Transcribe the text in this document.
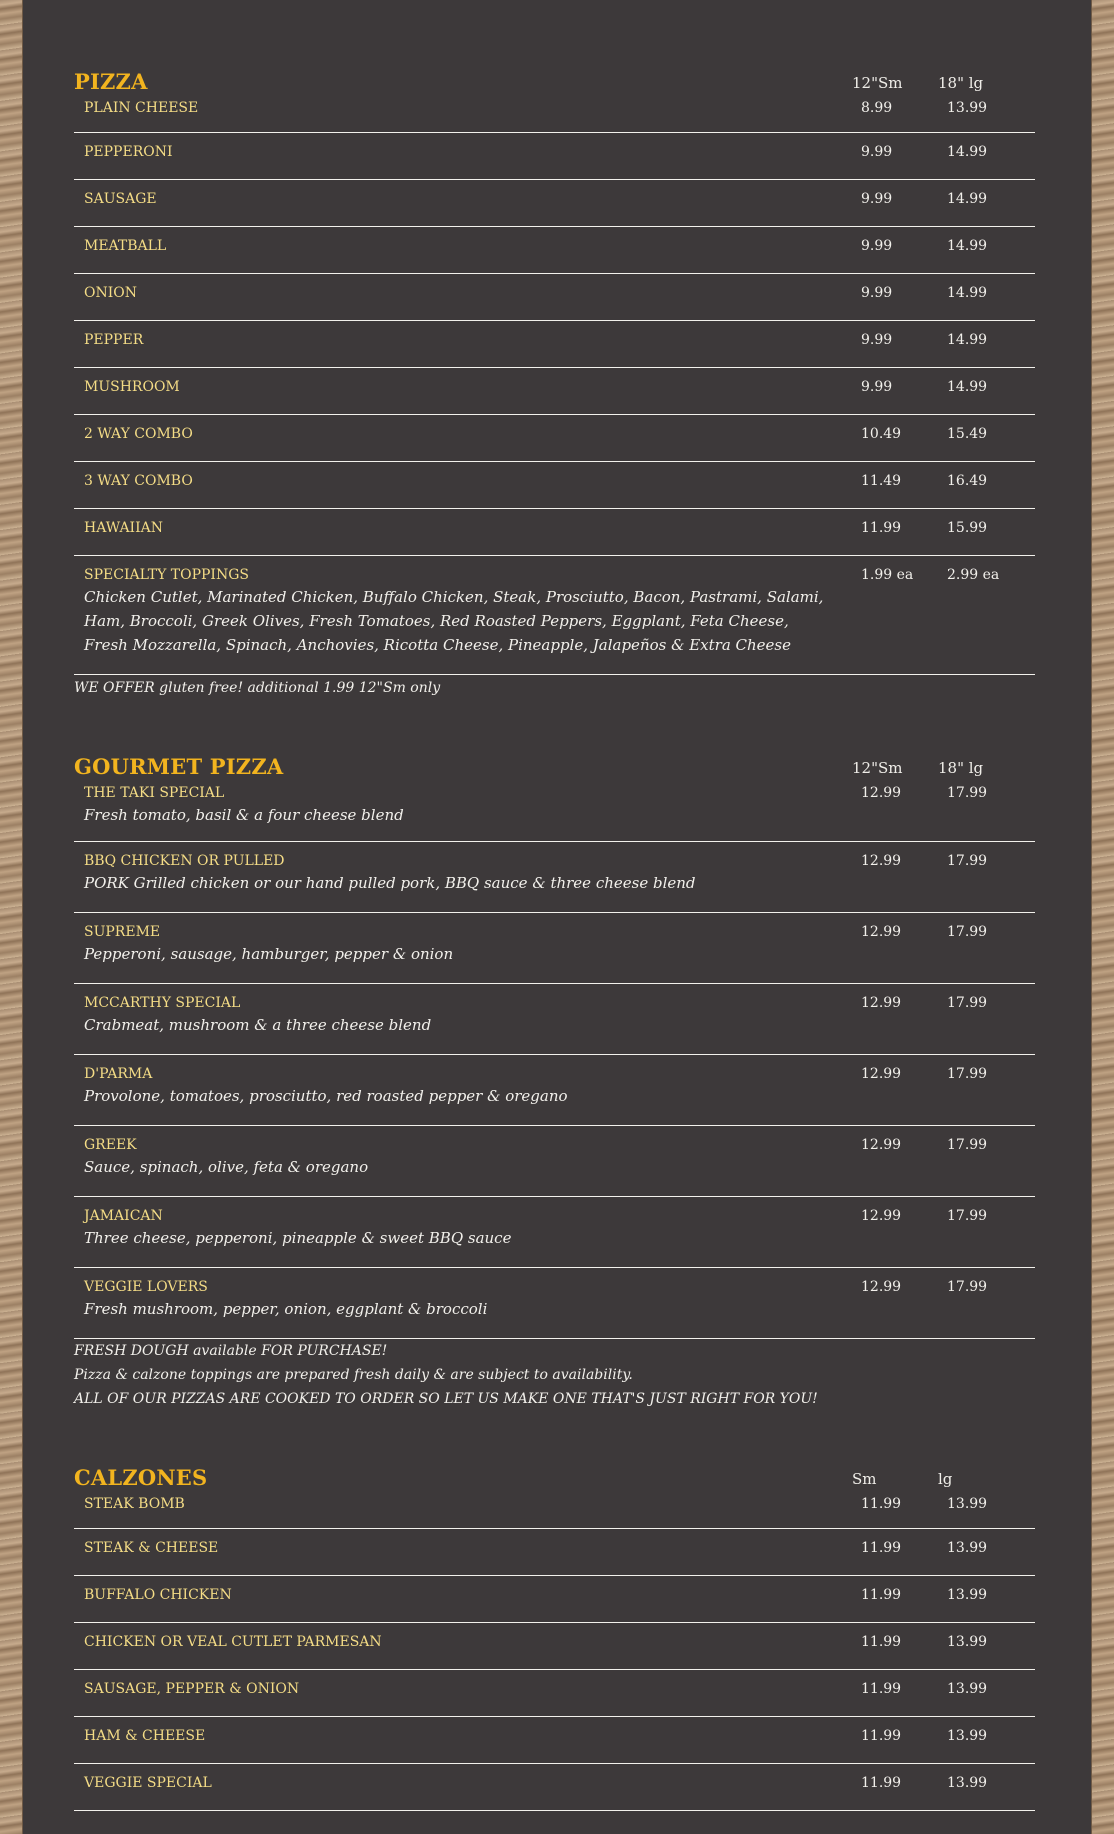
PIZZA	12"Sm 18" lg
PLAIN CHEESE	8.99	13.99
PEPPERONI	9.99	14.99
SAUSAGE	9.99	14.99
MEATBALL	9.99	14.99
ONION	9.99	14.99
PEPPER	9.99	14.99
MUSHROOM	9.99	14.99
2 WAY COMBO	10.49	15.49
3 WAY COMBO	11.49	16.49
HAWAIIAN	11.99	15.99
SPECIALTY TOPPINGS
Chicken Cutlet, Marinated Chicken, Buffalo Chicken, Steak, Prosciutto, Bacon, Pastrami, Salami, Ham, Broccoli, Greek Olives, Fresh Tomatoes, Red Roasted Peppers, Eggplant, Feta Cheese, Fresh Mozzarella, Spinach, Anchovies, Ricotta Cheese, Pineapple, Jalapeños & Extra Cheese
1.99 ea 2.99 ea
WE OFFER gluten free! additional 1.99 12"Sm only
GOURMET PIZZA	12"Sm 18" lg
THE TAKI SPECIAL
Fresh tomato, basil & a four cheese blend
12.99	17.99
BBQ CHICKEN OR PULLED
PORK Grilled chicken or our hand pulled pork, BBQ sauce & three cheese blend
12.99	17.99
SUPREME
Pepperoni, sausage, hamburger, pepper & onion
12.99	17.99
MCCARTHY SPECIAL
Crabmeat, mushroom & a three cheese blend
12.99	17.99
D'PARMA
Provolone, tomatoes, prosciutto, red roasted pepper & oregano
12.99	17.99
GREEK
Sauce, spinach, olive, feta & oregano
12.99	17.99
JAMAICAN
Three cheese, pepperoni, pineapple & sweet BBQ sauce
12.99	17.99
VEGGIE LOVERS
Fresh mushroom, pepper, onion, eggplant & broccoli
12.99	17.99
FRESH DOUGH available FOR PURCHASE!
Pizza & calzone toppings are prepared fresh daily & are subject to availability.
ALL OF OUR PIZZAS ARE COOKED TO ORDER SO LET US MAKE ONE THAT'S JUST RIGHT FOR YOU!
CALZONES	Sm	lg
STEAK BOMB	11.99	13.99
STEAK & CHEESE	11.99	13.99
BUFFALO CHICKEN	11.99	13.99
CHICKEN OR VEAL CUTLET PARMESAN	11.99	13.99
SAUSAGE, PEPPER & ONION	11.99	13.99
HAM & CHEESE	11.99	13.99
VEGGIE SPECIAL	11.99	13.99
